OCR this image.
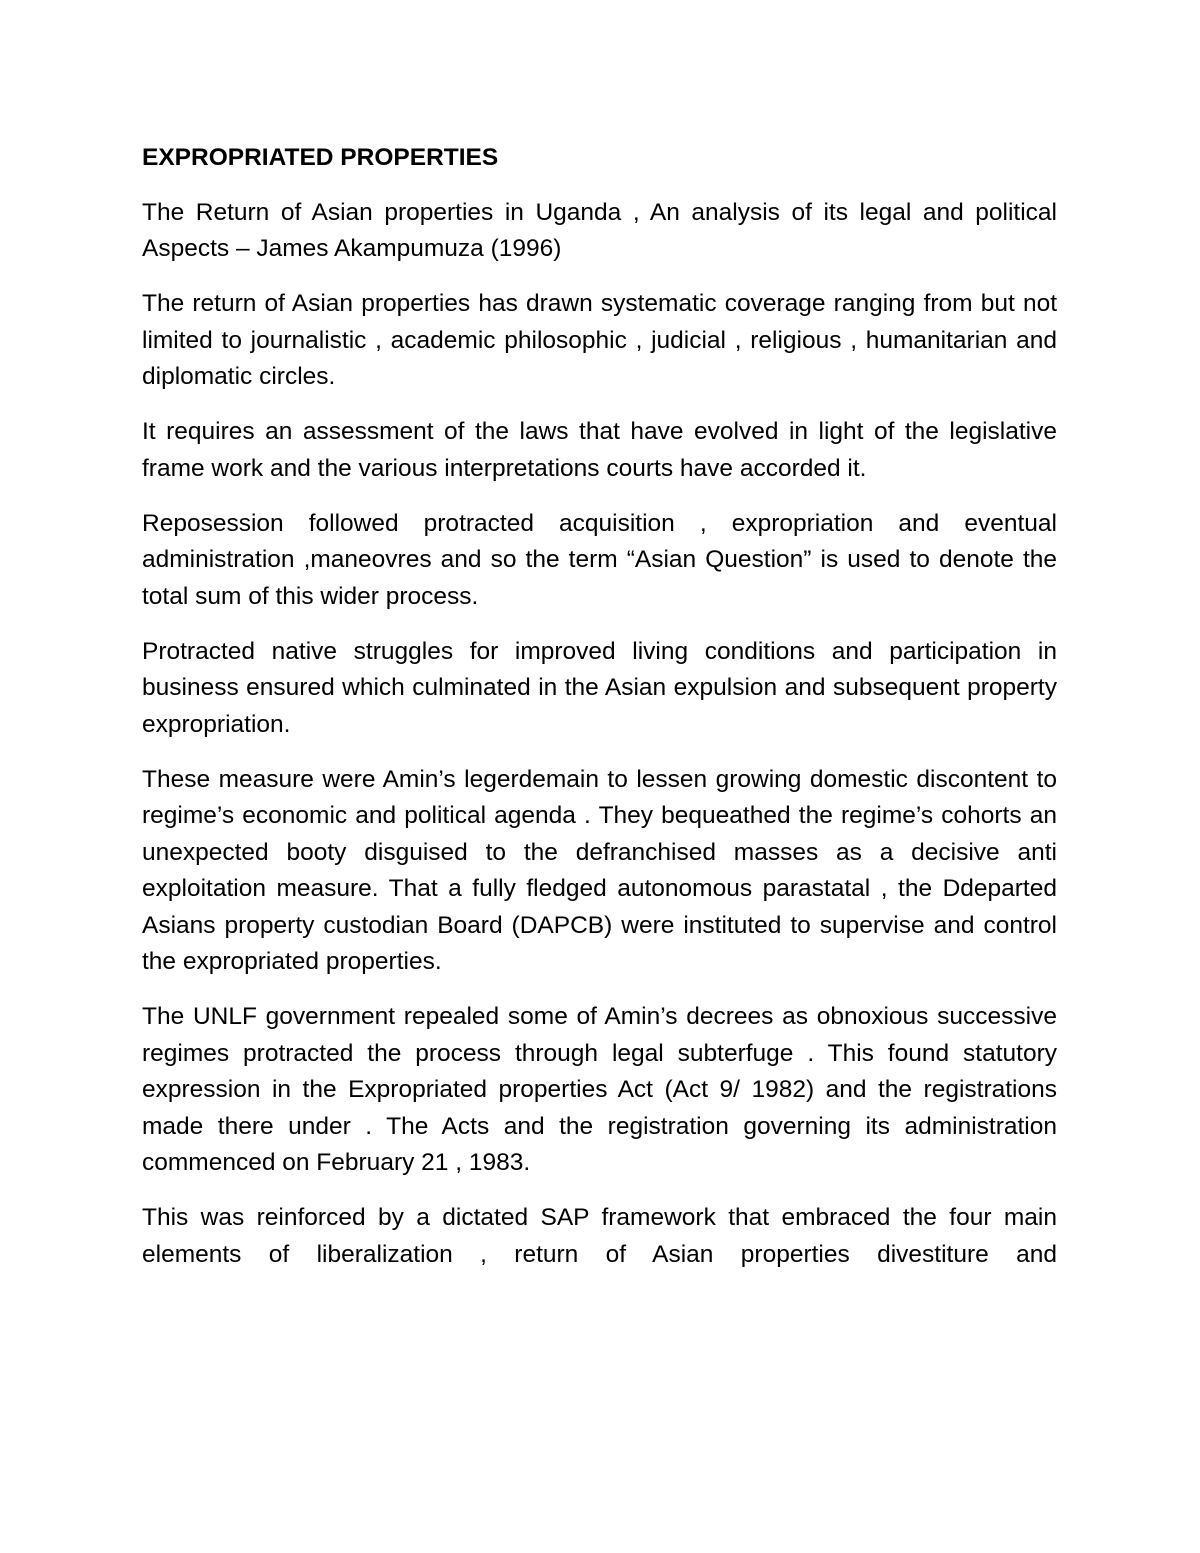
EXPROPRIATED PROPERTIES

The Return of Asian properties in Uganda , An analysis of its legal and political Aspects – James Akampumuza (1996)

The return of Asian properties has drawn systematic coverage ranging from but not limited to journalistic , academic philosophic , judicial , religious , humanitarian and diplomatic circles.

It requires an assessment of the laws that have evolved in light of the legislative frame work and the various interpretations courts have accorded it.

Reposession followed protracted acquisition , expropriation and eventual administration ,maneovres and so the term “Asian Question” is used to denote the total sum of this wider process.

Protracted native struggles for improved living conditions and participation in business ensured which culminated in the Asian expulsion and subsequent property expropriation.

These measure were Amin’s legerdemain to lessen growing domestic discontent to regime’s economic and political agenda . They bequeathed the regime’s cohorts an unexpected booty disguised to the defranchised masses as a decisive anti exploitation measure. That a fully fledged autonomous parastatal , the Ddeparted Asians property custodian Board (DAPCB) were instituted to supervise and control the expropriated properties.

The UNLF government repealed some of Amin’s decrees as obnoxious successive regimes protracted the process through legal subterfuge . This found statutory expression in the Expropriated properties Act (Act 9/ 1982) and the registrations made there under . The Acts and the registration governing its administration commenced on February 21 , 1983.

This was reinforced by a dictated SAP framework that embraced the four main elements of liberalization , return of Asian properties divestiture and
